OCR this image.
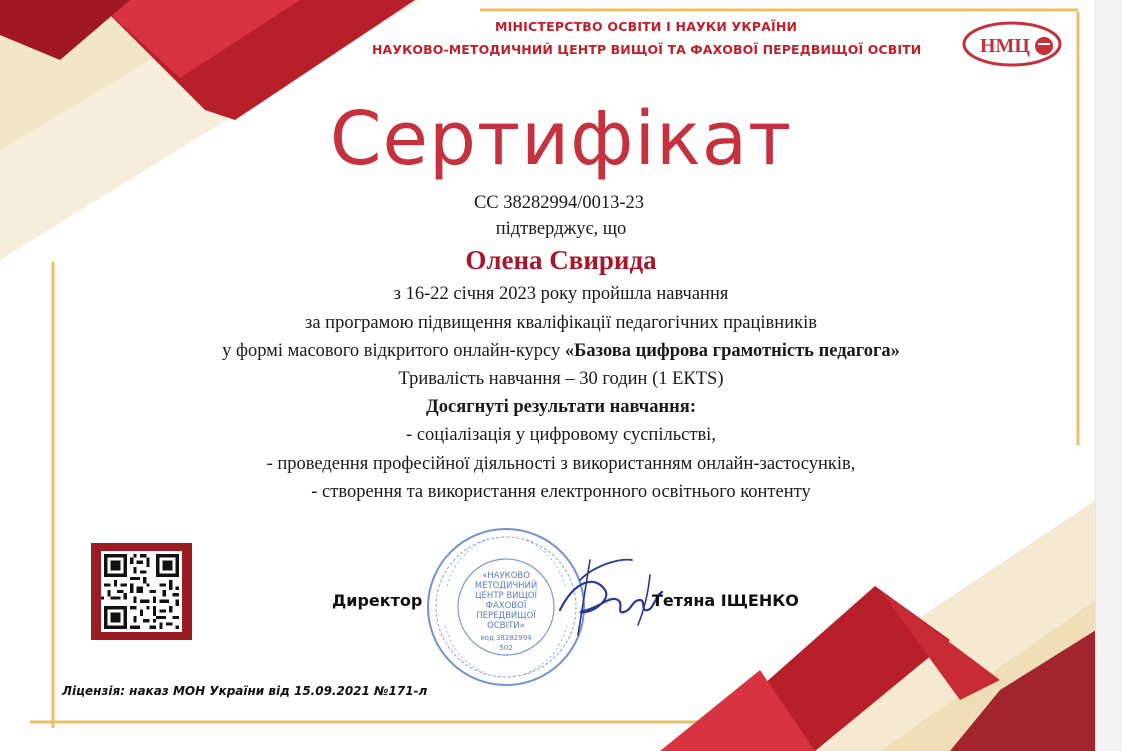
МІНІСТЕРСТВО ОСВІТИ І НАУКИ УКРАЇНИ
НАУКОВО-МЕТОДИЧНИЙ ЦЕНТР ВИЩОЇ ТА ФАХОВОЇ ПЕРЕДВИЩОЇ ОСВІТИ	НМЦ
Сертифікат
СС 38282994/0013-23
підтверджує, що
Олена Свирида
з 16-22 січня 2023 року пройшла навчання
за програмою підвищення кваліфікації педагогічних працівників
у формі масового відкритого онлайн-курсу «Базова цифрова грамотність педагога»
Тривалість навчання – 30 годин (1 ЕКТS)
Досягнуті результати навчання:
- соціалізація у цифровому суспільстві,
- проведення професійної діяльності з використанням онлайн-застосунків,
- створення та використання електронного освітнього контенту
«НАУКОВО
МЕТОДИЧНИЙ
ЦЕНТР ВИЩОЇ
ФАХОВОЇ
ПЕРЕДВИЩОЇ
ОСВІТИ»
код 38282994
502
Директор	Тетяна ІЩЕНКО
Ліцензія: наказ МОН України від 15.09.2021 №171-л
